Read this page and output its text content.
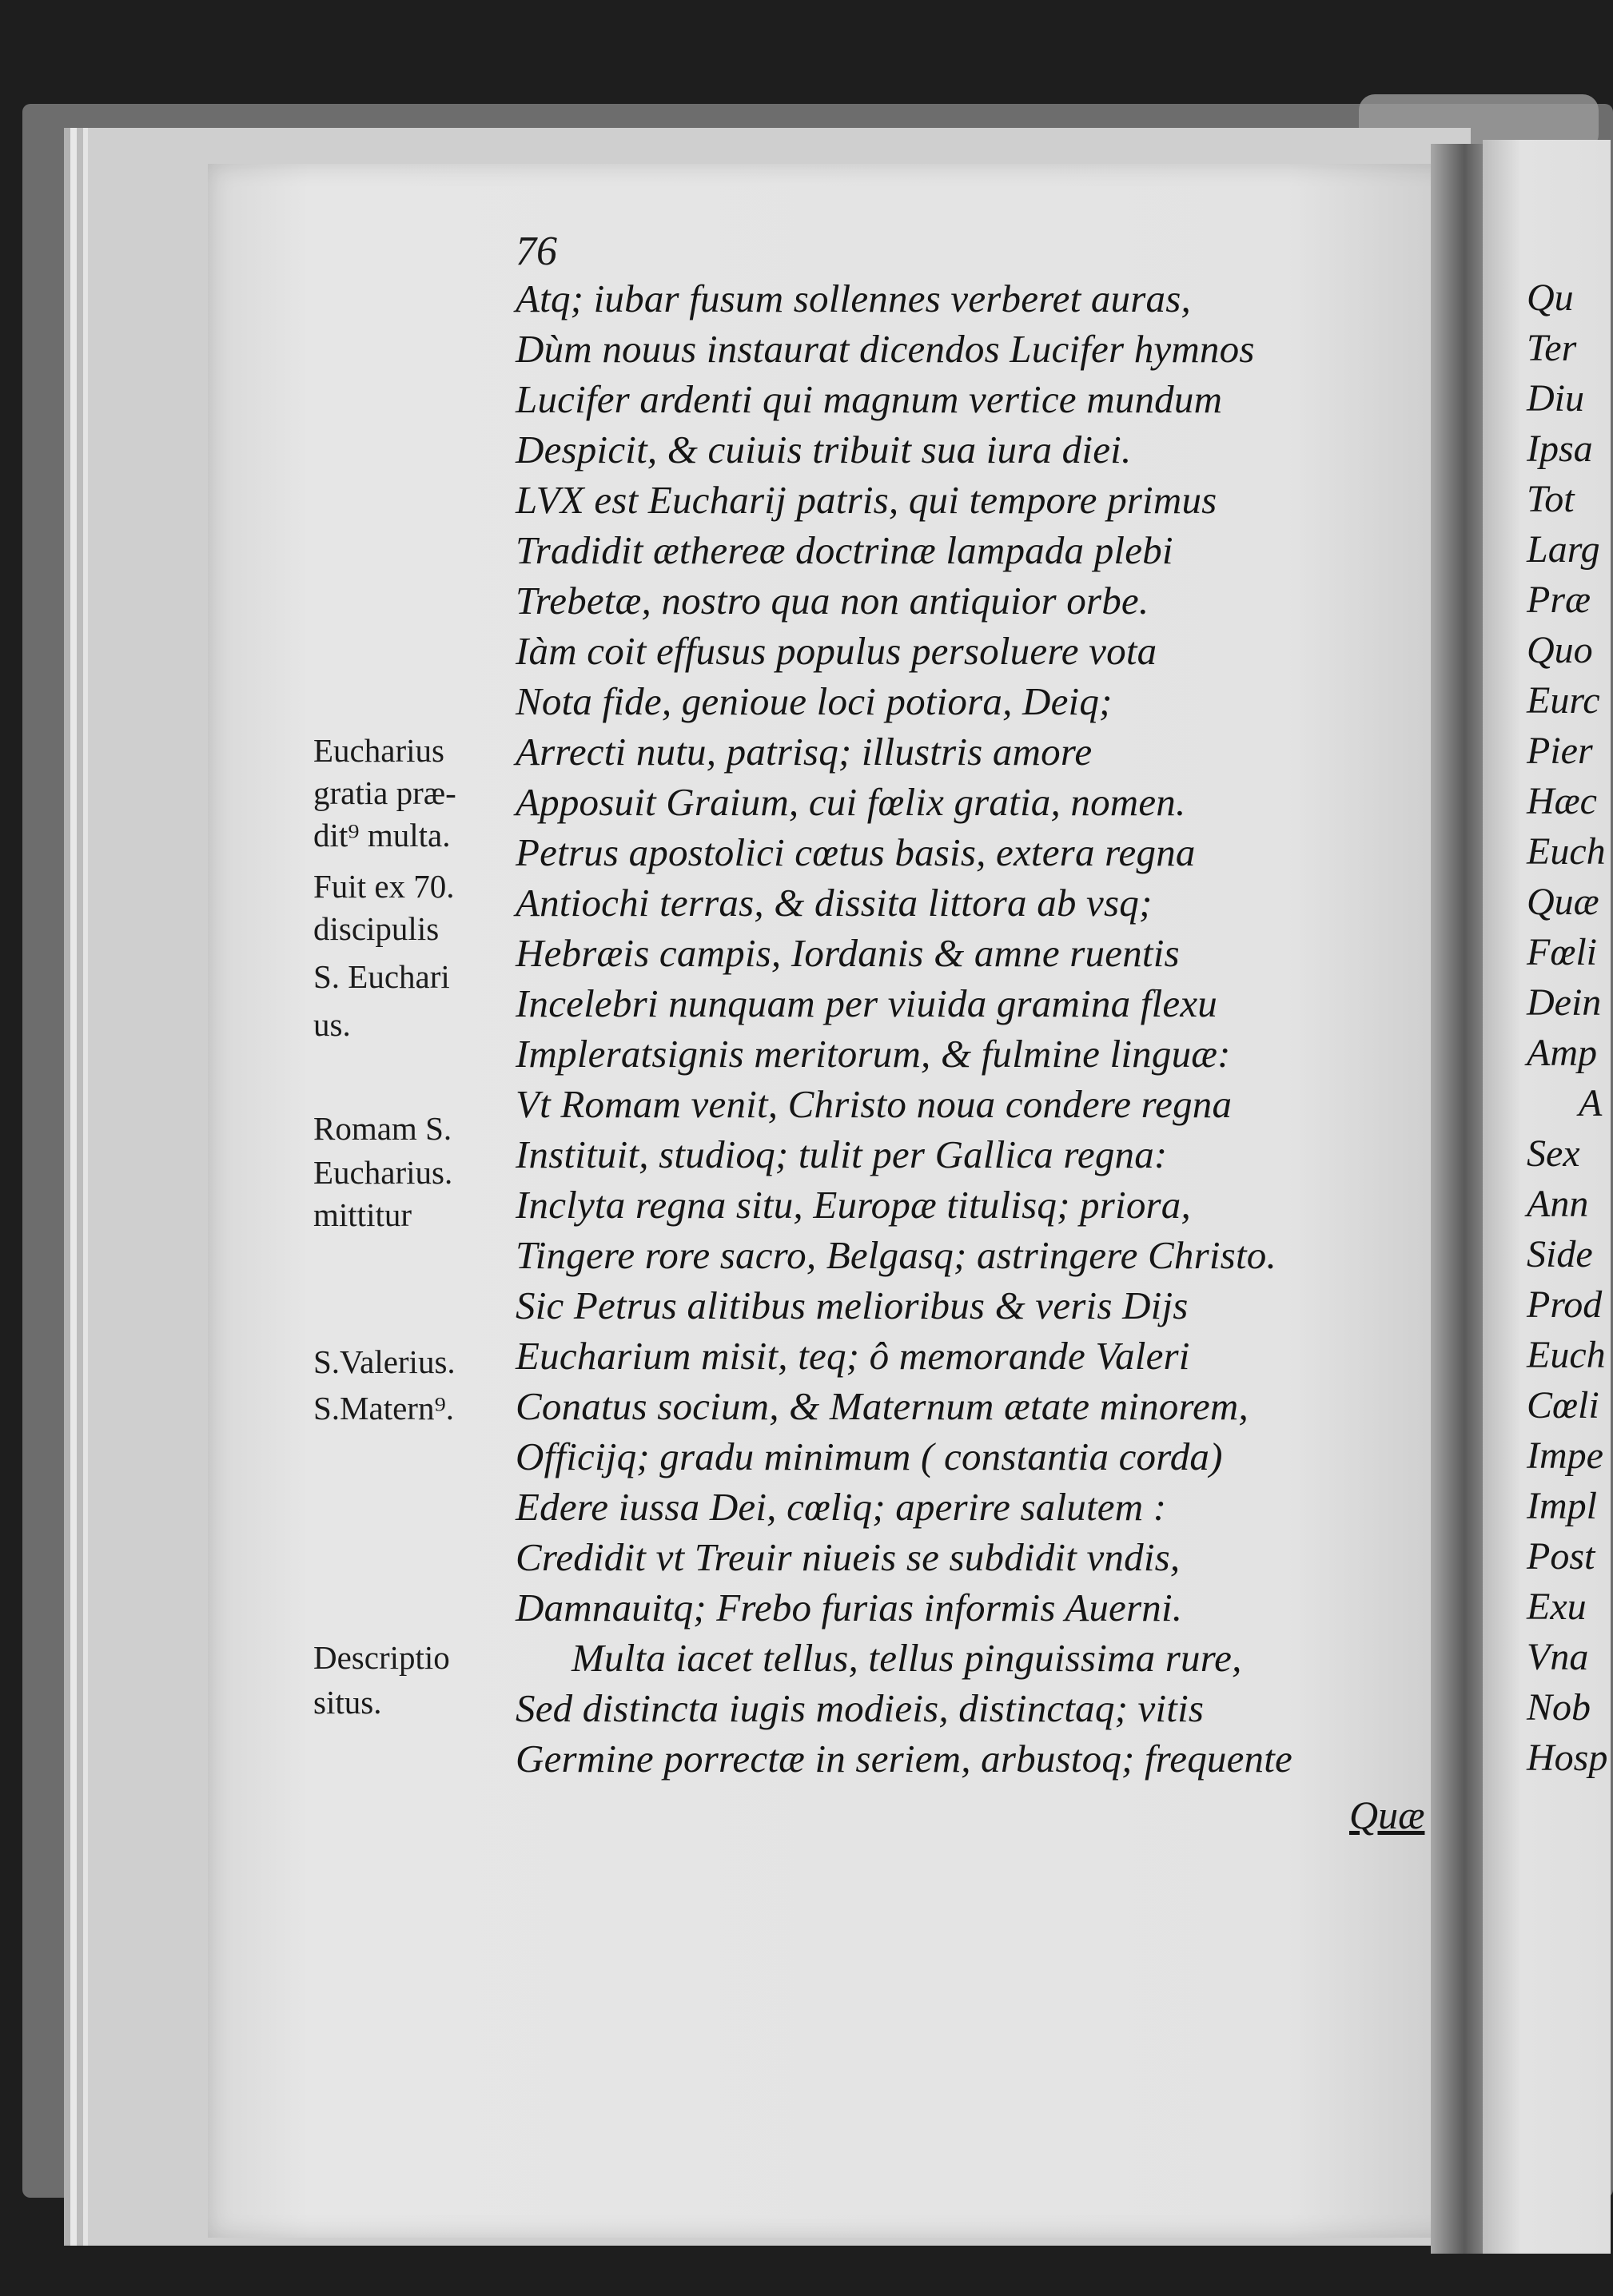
76
Atq; iubar fusum sollennes verberet auras,
Dùm nouus instaurat dicendos Lucifer hymnos
Lucifer ardenti qui magnum vertice mundum
Despicit, & cuiuis tribuit sua iura diei.
LVX est Eucharij patris, qui tempore primus
Tradidit æthereæ doctrinæ lampada plebi
Trebetæ, nostro qua non antiquior orbe.
Iàm coit effusus populus persoluere vota
Nota fide, genioue loci potiora, Deiq;
Arrecti nutu, patrisq; illustris amore
Apposuit Graium, cui fœlix gratia, nomen.
Petrus apostolici cœtus basis, extera regna
Antiochi terras, & dissita littora ab vsq;
Hebræis campis, Iordanis & amne ruentis
Incelebri nunquam per viuida gramina flexu
Impleratsignis meritorum, & fulmine linguæ:
Vt Romam venit, Christo noua condere regna
Instituit, studioq; tulit per Gallica regna:
Inclyta regna situ, Europæ titulisq; priora,
Tingere rore sacro, Belgasq; astringere Christo.
Sic Petrus alitibus melioribus & veris Dijs
Eucharium misit, teq; ô memorande Valeri
Conatus socium, & Maternum ætate minorem,
Officijq; gradu minimum ( constantia corda)
Edere iussa Dei, cœliq; aperire salutem :
Credidit vt Treuir niueis se subdidit vndis,
Damnauitq; Frebo furias informis Auerni.
Multa iacet tellus, tellus pinguissima rure,
Sed distincta iugis modieis, distinctaq; vitis
Germine porrectæ in seriem, arbustoq; frequente
Quæ
Eucharius
gratia præ-
dit⁹ multa.
Fuit ex 70.
discipulis
S. Euchari
us.
Romam S.
Eucharius.
mittitur
S.Valerius.
S.Matern⁹.
Descriptio
situs.
Qu
Ter
Diu
Ipsa
Tot
Larg
Præ
Quo
Eurc
Pier
Hæc
Euch
Quæ
Fœli
Dein
Amp
A
Sex
Ann
Side
Prod
Euch
Cœli
Impe
Impl
Post
Exu
Vna
Nob
Hosp
